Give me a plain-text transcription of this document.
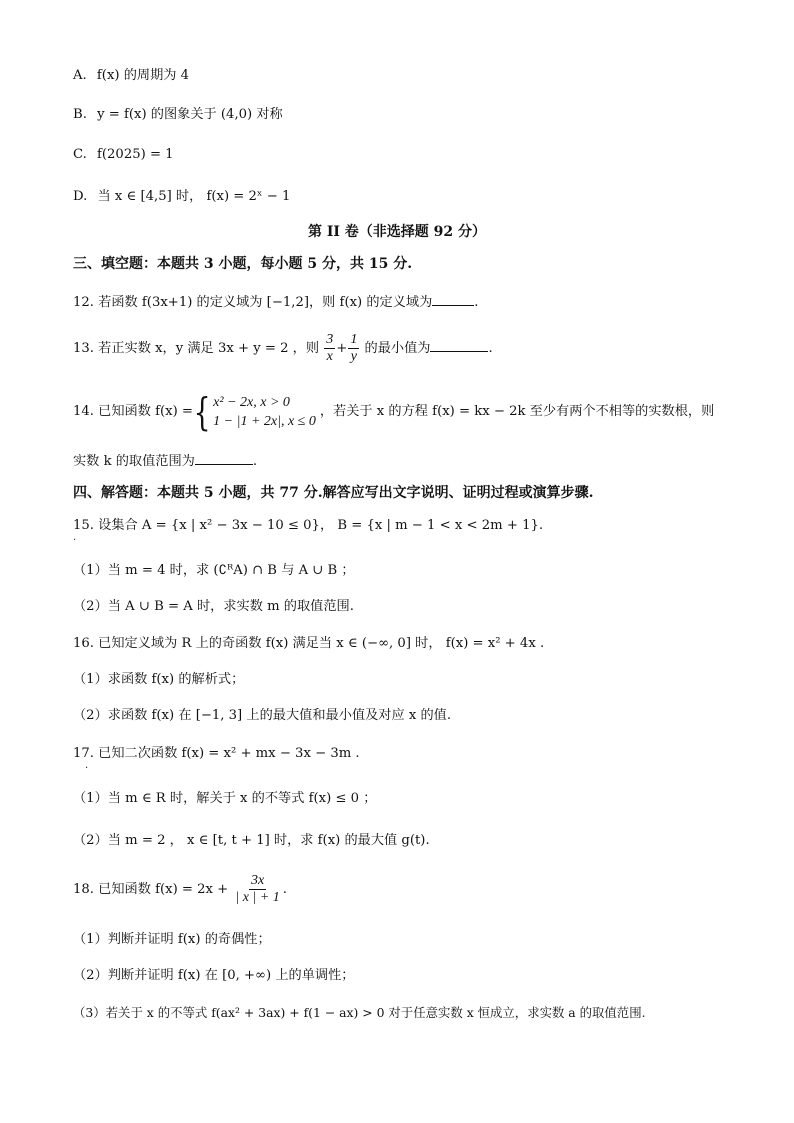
A. f(x) 的周期为 4
B. y = f(x) 的图象关于 (4,0) 对称
C. f(2025) = 1
D. 当 x ∈ [4,5] 时， f(x) = 2ˣ − 1
第 II 卷（非选择题 92 分）
三、填空题：本题共 3 小题，每小题 5 分，共 15 分.
12. 若函数 f(3x+1) 的定义域为 [−1,2]，则 f(x) 的定义域为	.
13. 若正实数 x，y 满足 3x + y = 2 ，则 $\frac{3}{x} + \frac{1}{y}$ 的最小值为	.
14. 已知函数 f(x) = { x² − 2x, x > 0
1 − |1 + 2x|, x ≤ 0
，若关于 x 的方程 f(x) = kx − 2k 至少有两个不相等的实数根，则
实数 k 的取值范围为	.
四、解答题：本题共 5 小题，共 77 分.解答应写出文字说明、证明过程或演算步骤.
15. 设集合 A = {x | x² − 3x − 10 ≤ 0}， B = {x | m − 1 < x < 2m + 1}.
.
（1）当 m = 4 时，求 (∁ᴿA) ∩ B 与 A ∪ B ；
（2）当 A ∪ B = A 时，求实数 m 的取值范围.
16. 已知定义域为 R 上的奇函数 f(x) 满足当 x ∈ (−∞, 0] 时， f(x) = x² + 4x .
（1）求函数 f(x) 的解析式；
（2）求函数 f(x) 在 [−1, 3] 上的最大值和最小值及对应 x 的值.
17. 已知二次函数 f(x) = x² + mx − 3x − 3m .
.
（1）当 m ∈ R 时，解关于 x 的不等式 f(x) ≤ 0 ；
（2）当 m = 2 ， x ∈ [t, t + 1] 时，求 f(x) 的最大值 g(t).
18. 已知函数 $f(x) = 2x + \frac{3x}{| x | + 1}$ .
（1）判断并证明 f(x) 的奇偶性；
（2）判断并证明 f(x) 在 [0, +∞) 上的单调性；
（3）若关于 x 的不等式 f(ax² + 3ax) + f(1 − ax) > 0 对于任意实数 x 恒成立，求实数 a 的取值范围.
